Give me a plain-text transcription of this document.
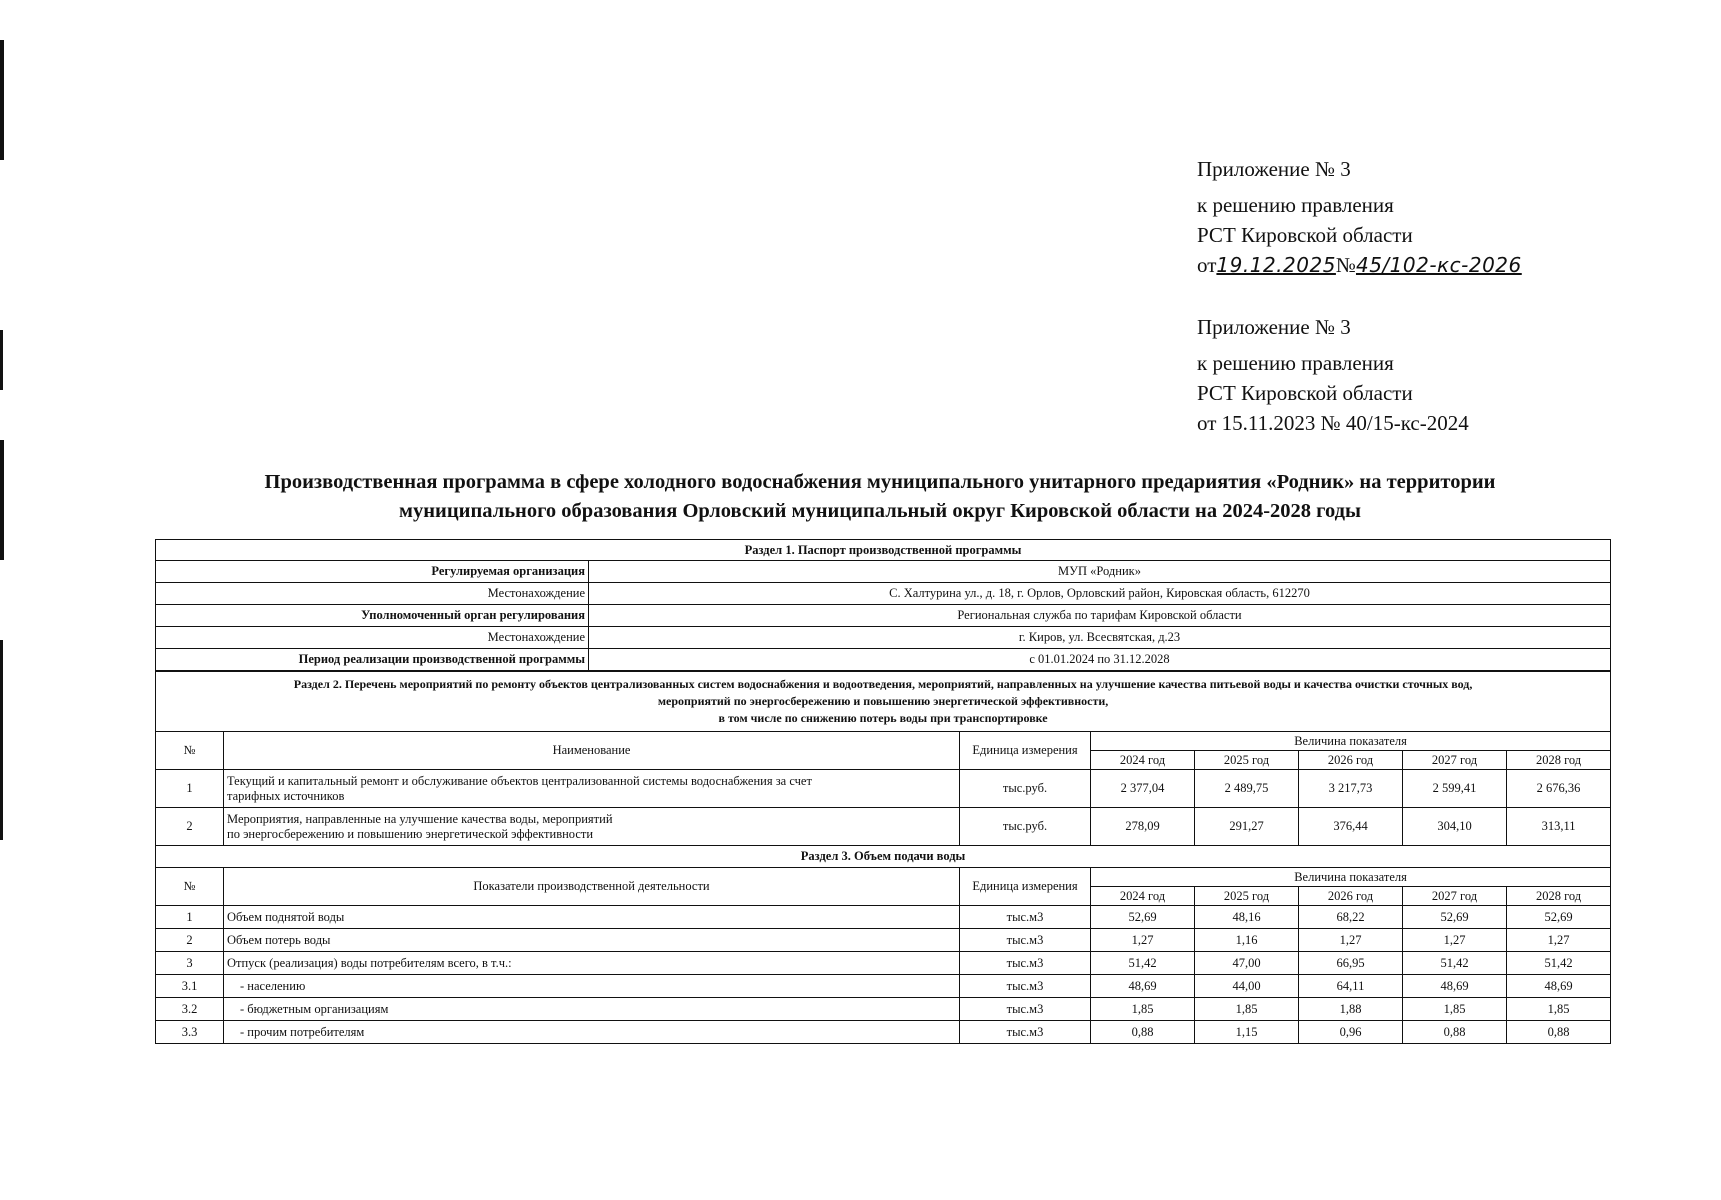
Приложение № 3
к решению правления
РСТ Кировской области
от19.12.2025№45/102-кс-2026
Приложение № 3
к решению правления
РСТ Кировской области
от 15.11.2023 № 40/15-кс-2024
Производственная программа в сфере холодного водоснабжения муниципального унитарного предариятия «Родник» на территории
муниципального образования Орловский муниципальный округ Кировской области на 2024-2028 годы
Раздел 1. Паспорт производственной программы	
Регулируемая организация	МУП «Родник»
Местонахождение	С. Халтурина ул., д. 18, г. Орлов, Орловский район, Кировская область, 612270
Уполномоченный орган регулирования	Региональная служба по тарифам Кировской области
Местонахождение	г. Киров, ул. Всесвятская, д.23
Период реализации производственной программы	с 01.01.2024 по 31.12.2028
Раздел 2. Перечень мероприятий по ремонту объектов централизованных систем водоснабжения и водоотведения, мероприятий, направленных на улучшение качества питьевой воды и качества очистки сточных вод,
мероприятий по энергосбережению и повышению энергетической эффективности,
в том числе по снижению потерь воды при транспортировке							

№	Наименование	Единица измерения	Величина показателя				
			2024 год	2025 год	2026 год	2027 год	2028 год
1	Текущий и капитальный ремонт и обслуживание объектов централизованной системы водоснабжения за счет
тарифных источников	тыс.руб.	2 377,04	2 489,75	3 217,73	2 599,41	2 676,36
2	Мероприятия, направленные на улучшение качества воды, мероприятий
по энергосбережению и повышению энергетической эффективности	тыс.руб.	278,09	291,27	376,44	304,10	313,11
Раздел 3. Объем подачи воды							
№	Показатели производственной деятельности	Единица измерения	Величина показателя				
			2024 год	2025 год	2026 год	2027 год	2028 год
1	Объем поднятой воды	тыс.м3	52,69	48,16	68,22	52,69	52,69
2	Объем потерь воды	тыс.м3	1,27	1,16	1,27	1,27	1,27
3	Отпуск (реализация) воды потребителям всего, в т.ч.:	тыс.м3	51,42	47,00	66,95	51,42	51,42
3.1	- населению	тыс.м3	48,69	44,00	64,11	48,69	48,69
3.2	- бюджетным организациям	тыс.м3	1,85	1,85	1,88	1,85	1,85
3.3	- прочим потребителям	тыс.м3	0,88	1,15	0,96	0,88	0,88
